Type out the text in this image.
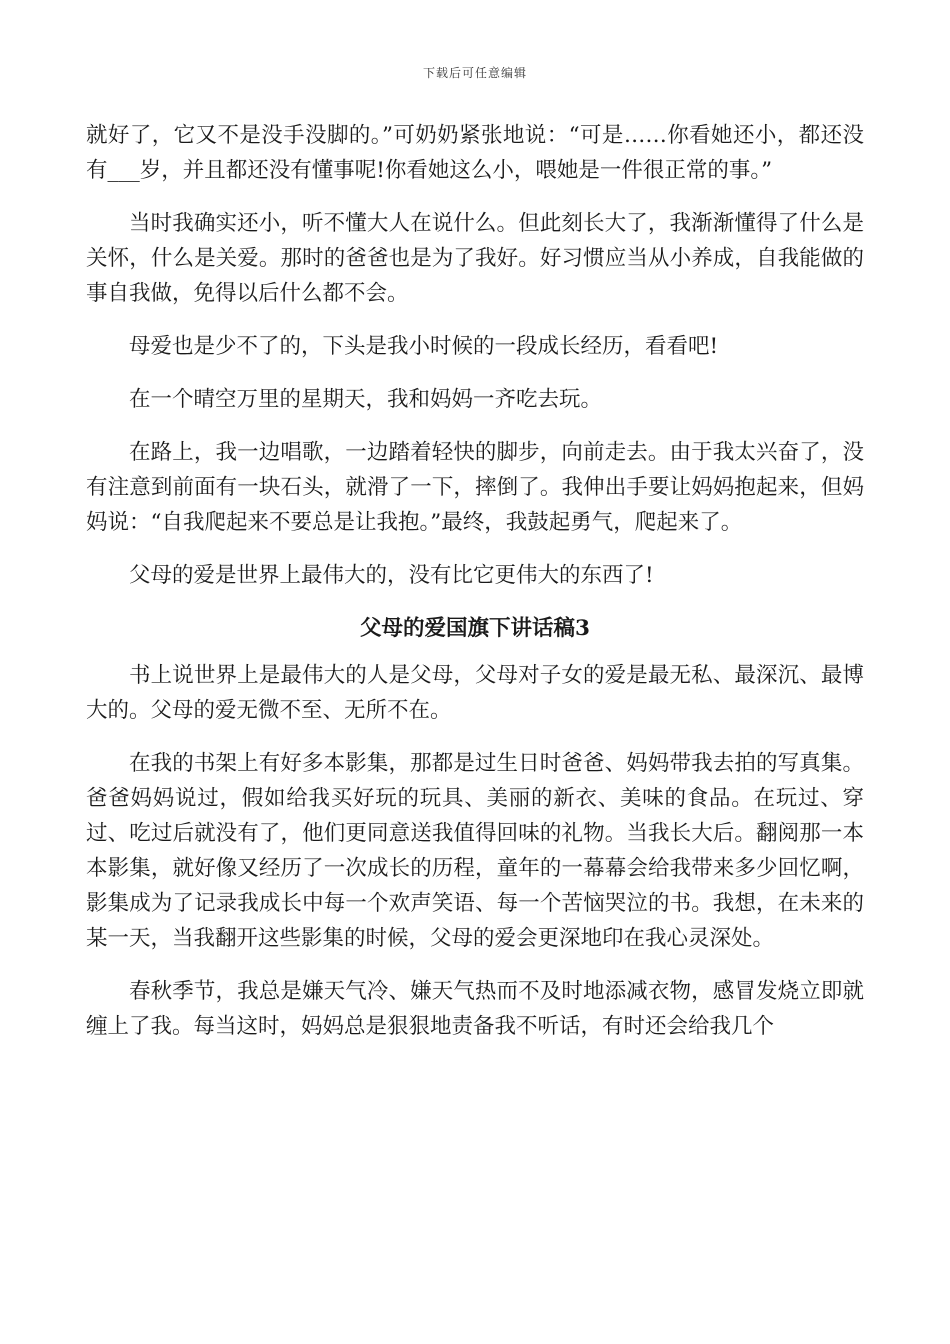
下载后可任意编辑

就好了，它又不是没手没脚的。”可奶奶紧张地说：“可是……你看她还小，都还没有___岁，并且都还没有懂事呢!你看她这么小，喂她是一件很正常的事。”

当时我确实还小，听不懂大人在说什么。但此刻长大了，我渐渐懂得了什么是关怀，什么是关爱。那时的爸爸也是为了我好。好习惯应当从小养成，自我能做的事自我做，免得以后什么都不会。

母爱也是少不了的，下头是我小时候的一段成长经历，看看吧!

在一个晴空万里的星期天，我和妈妈一齐吃去玩。

在路上，我一边唱歌，一边踏着轻快的脚步，向前走去。由于我太兴奋了，没有注意到前面有一块石头，就滑了一下，摔倒了。我伸出手要让妈妈抱起来，但妈妈说：“自我爬起来不要总是让我抱。”最终，我鼓起勇气，爬起来了。

父母的爱是世界上最伟大的，没有比它更伟大的东西了!

父母的爱国旗下讲话稿3

书上说世界上是最伟大的人是父母，父母对子女的爱是最无私、最深沉、最博大的。父母的爱无微不至、无所不在。

在我的书架上有好多本影集，那都是过生日时爸爸、妈妈带我去拍的写真集。爸爸妈妈说过，假如给我买好玩的玩具、美丽的新衣、美味的食品。在玩过、穿过、吃过后就没有了，他们更同意送我值得回味的礼物。当我长大后。翻阅那一本本影集，就好像又经历了一次成长的历程，童年的一幕幕会给我带来多少回忆啊，影集成为了记录我成长中每一个欢声笑语、每一个苦恼哭泣的书。我想，在未来的某一天，当我翻开这些影集的时候，父母的爱会更深地印在我心灵深处。

春秋季节，我总是嫌天气冷、嫌天气热而不及时地添减衣物，感冒发烧立即就缠上了我。每当这时，妈妈总是狠狠地责备我不听话，有时还会给我几个
